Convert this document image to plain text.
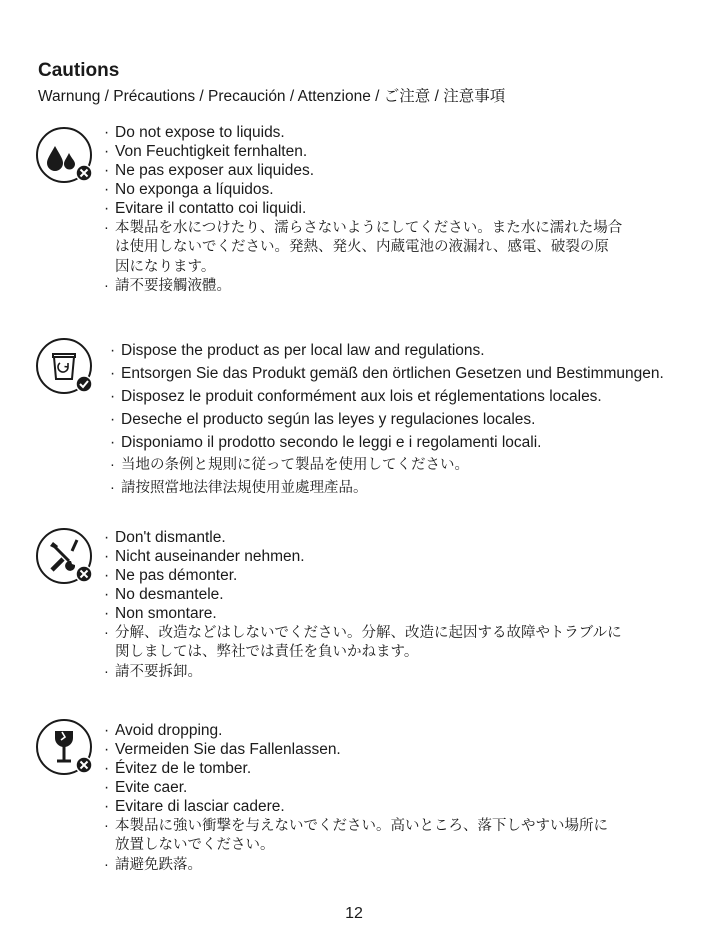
Cautions
Warnung / Précautions / Precaución / Attenzione / ご注意 / 注意事項
· Do not expose to liquids.
· Von Feuchtigkeit fernhalten.
· Ne pas exposer aux liquides.
· No exponga a líquidos.
· Evitare il contatto coi liquidi.
· 本製品を水につけたり、濡らさないようにしてください。また水に濡れた場合
は使用しないでください。発熱、発火、内蔵電池の液漏れ、感電、破裂の原
因になります。
· 請不要接觸液體。
· Dispose the product as per local law and regulations.
· Entsorgen Sie das Produkt gemäß den örtlichen Gesetzen und Bestimmungen.
· Disposez le produit conformément aux lois et réglementations locales.
· Deseche el producto según las leyes y regulaciones locales.
· Disponiamo il prodotto secondo le leggi e i regolamenti locali.
· 当地の条例と規則に従って製品を使用してください。
· 請按照當地法律法規使用並處理產品。
· Don't dismantle.
· Nicht auseinander nehmen.
· Ne pas démonter.
· No desmantele.
· Non smontare.
· 分解、改造などはしないでください。分解、改造に起因する故障やトラブルに
関しましては、弊社では責任を負いかねます。
· 請不要拆卸。
· Avoid dropping.
· Vermeiden Sie das Fallenlassen.
· Évitez de le tomber.
· Evite caer.
· Evitare di lasciar cadere.
· 本製品に強い衝撃を与えないでください。高いところ、落下しやすい場所に
放置しないでください。
· 請避免跌落。
12
